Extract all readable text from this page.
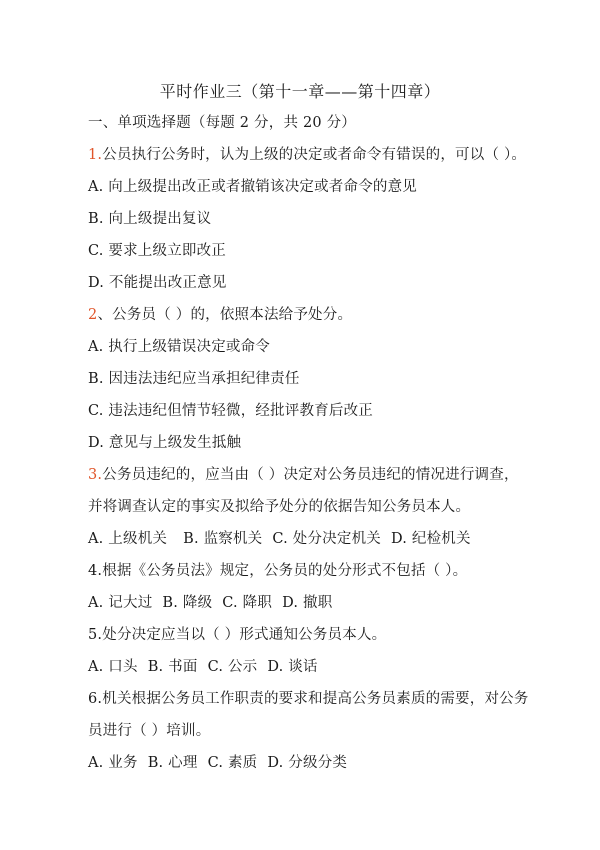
平时作业三（第十一章——第十四章）
一、单项选择题（每题 2 分，共 20 分）
1.公员执行公务时，认为上级的决定或者命令有错误的，可以（ ）。
A. 向上级提出改正或者撤销该决定或者命令的意见
B. 向上级提出复议
C. 要求上级立即改正
D. 不能提出改正意见
2、公务员（ ）的，依照本法给予处分。
A. 执行上级错误决定或命令
B. 因违法违纪应当承担纪律责任
C. 违法违纪但情节轻微，经批评教育后改正
D. 意见与上级发生抵触
3.公务员违纪的，应当由（ ）决定对公务员违纪的情况进行调查，
并将调查认定的事实及拟给予处分的依据告知公务员本人。
A. 上级机关 B. 监察机关 C. 处分决定机关 D. 纪检机关
4.根据《公务员法》规定，公务员的处分形式不包括（ ）。
A. 记大过 B. 降级 C. 降职 D. 撤职
5.处分决定应当以（ ）形式通知公务员本人。
A. 口头 B. 书面 C. 公示 D. 谈话
6.机关根据公务员工作职责的要求和提高公务员素质的需要，对公务
员进行（ ）培训。
A. 业务 B. 心理 C. 素质 D. 分级分类
